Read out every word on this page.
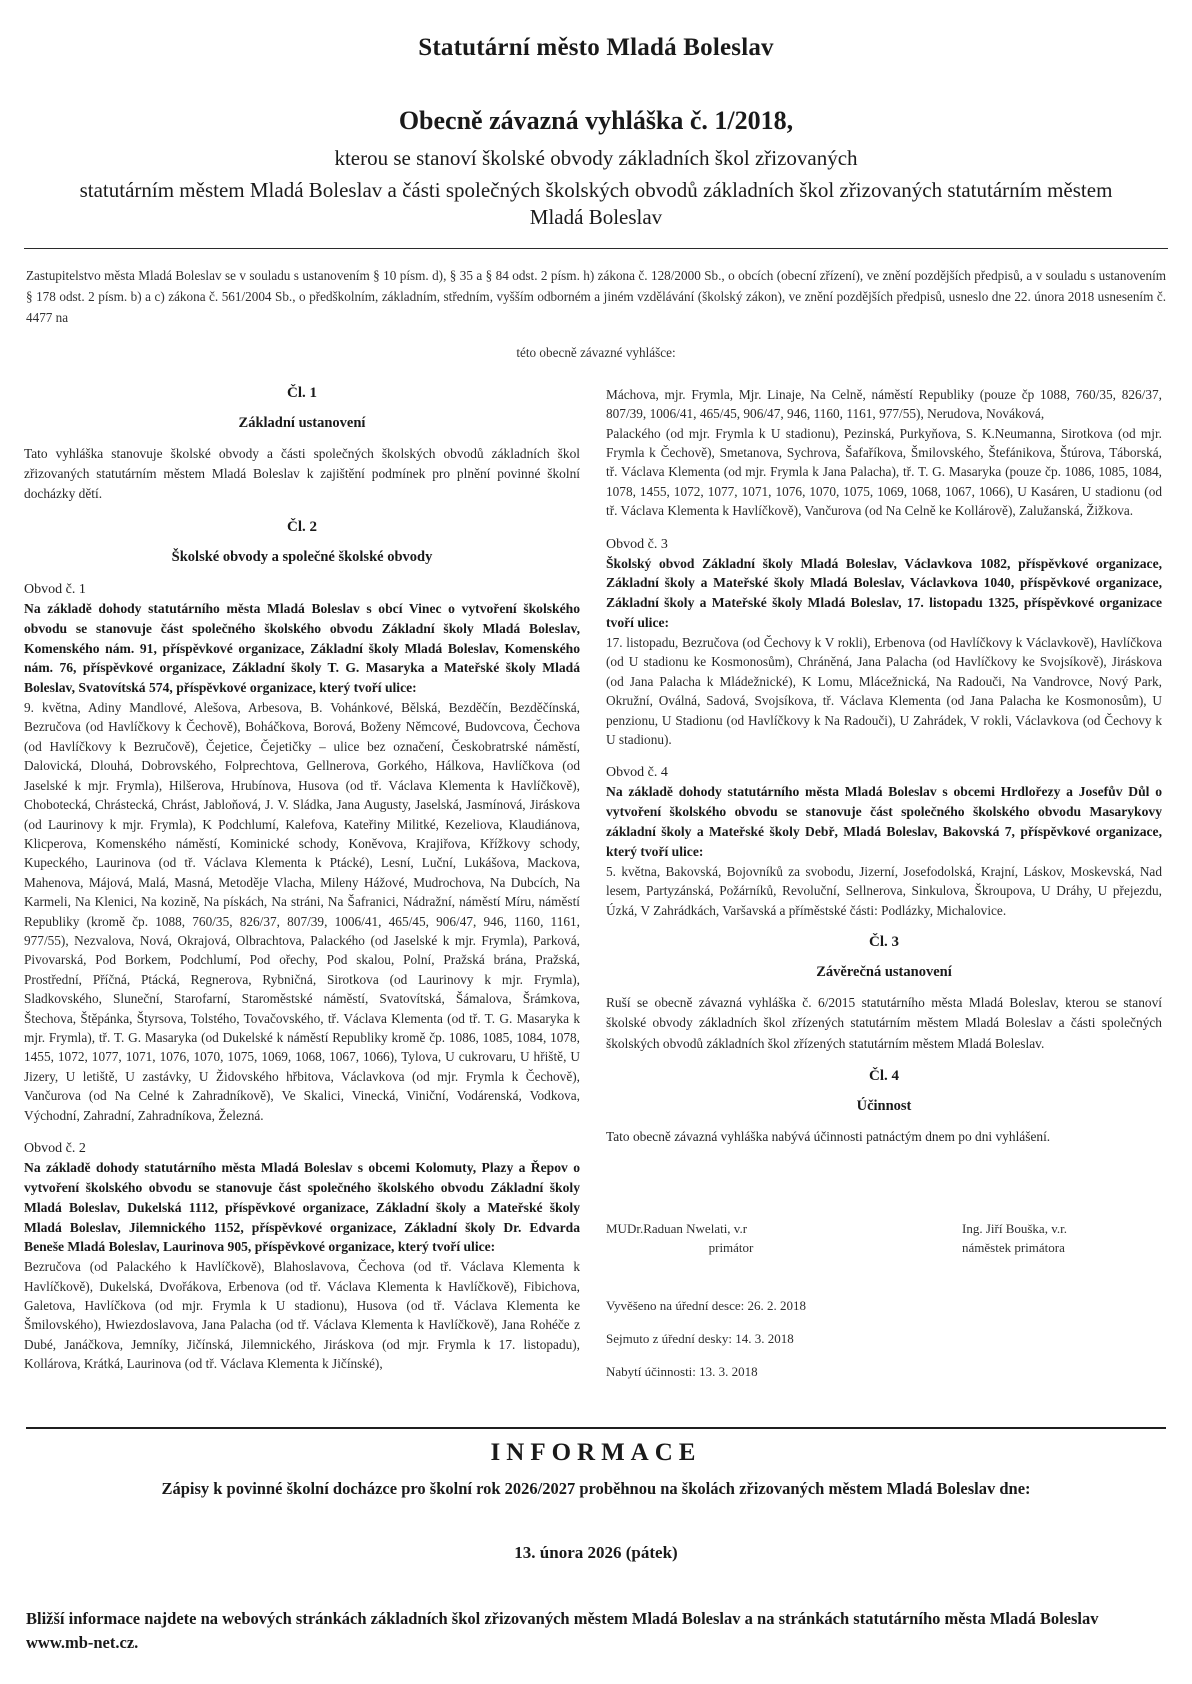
Statutární město Mladá Boleslav
Obecně závazná vyhláška č. 1/2018,
kterou se stanoví školské obvody základních škol zřizovaných
statutárním městem Mladá Boleslav a části společných školských obvodů základních škol zřizovaných statutárním městem Mladá Boleslav
Zastupitelstvo města Mladá Boleslav se v souladu s ustanovením § 10 písm. d), § 35 a § 84 odst. 2 písm. h) zákona č. 128/2000 Sb., o obcích (obecní zřízení), ve znění pozdějších předpisů, a v souladu s ustanovením § 178 odst. 2 písm. b) a c) zákona č. 561/2004 Sb., o předškolním, základním, středním, vyšším odborném a jiném vzdělávání (školský zákon), ve znění pozdějších předpisů, usneslo dne 22. února 2018 usnesením č. 4477 na
této obecně závazné vyhlášce:
Čl. 1
Základní ustanovení

Tato vyhláška stanovuje školské obvody a části společných školských obvodů základních škol zřizovaných statutárním městem Mladá Boleslav k zajištění podmínek pro plnění povinné školní docházky dětí.

Čl. 2
Školské obvody a společné školské obvody
Obvod č. 1

Na základě dohody statutárního města Mladá Boleslav s obcí Vinec o vytvoření školského obvodu se stanovuje část společného školského obvodu Základní školy Mladá Boleslav, Komenského nám. 91, příspěvkové organizace, Základní školy Mladá Boleslav, Komenského nám. 76, příspěvkové organizace, Základní školy T. G. Masaryka a Mateřské školy Mladá Boleslav, Svatovítská 574, příspěvkové organizace, který tvoří ulice:

9. května, Adiny Mandlové, Alešova, Arbesova, B. Vohánkové, Bělská, Bezděčín, Bezděčínská, Bezručova (od Havlíčkovy k Čechově), Boháčkova, Borová, Boženy Němcové, Budovcova, Čechova (od Havlíčkovy k Bezručově), Čejetice, Čejetičky – ulice bez označení, Českobratrské náměstí, Dalovická, Dlouhá, Dobrovského, Folprechtova, Gellnerova, Gorkého, Hálkova, Havlíčkova (od Jaselské k mjr. Frymla), Hilšerova, Hrubínova, Husova (od tř. Václava Klementa k Havlíčkově), Chobotecká, Chrástecká, Chrást, Jabloňová, J. V. Sládka, Jana Augusty, Jaselská, Jasmínová, Jiráskova (od Laurinovy k mjr. Frymla), K Podchlumí, Kalefova, Kateřiny Militké, Kezeliova, Klaudiánova, Klicperova, Komenského náměstí, Kominické schody, Koněvova, Krajiřova, Křížkovy schody, Kupeckého, Laurinova (od tř. Václava Klementa k Ptácké), Lesní, Luční, Lukášova, Mackova, Mahenova, Májová, Malá, Masná, Metoděje Vlacha, Mileny Hážové, Mudrochova, Na Dubcích, Na Karmeli, Na Klenici, Na kozině, Na pískách, Na stráni, Na Šafranici, Nádražní, náměstí Míru, náměstí Republiky (kromě čp. 1088, 760/35, 826/37, 807/39, 1006/41, 465/45, 906/47, 946, 1160, 1161, 977/55), Nezvalova, Nová, Okrajová, Olbrachtova, Palackého (od Jaselské k mjr. Frymla), Parková, Pivovarská, Pod Borkem, Podchlumí, Pod ořechy, Pod skalou, Polní, Pražská brána, Pražská, Prostřední, Příčná, Ptácká, Regnerova, Rybničná, Sirotkova (od Laurinovy k mjr. Frymla), Sladkovského, Sluneční, Starofarní, Staroměstské náměstí, Svatovítská, Šámalova, Šrámkova, Štechova, Štěpánka, Štyrsova, Tolstého, Tovačovského, tř. Václava Klementa (od tř. T. G. Masaryka k mjr. Frymla), tř. T. G. Masaryka (od Dukelské k náměstí Republiky kromě čp. 1086, 1085, 1084, 1078, 1455, 1072, 1077, 1071, 1076, 1070, 1075, 1069, 1068, 1067, 1066), Tylova, U cukrovaru, U hřiště, U Jizery, U letiště, U zastávky, U Židovského hřbitova, Václavkova (od mjr. Frymla k Čechově), Vančurova (od Na Celné k Zahradníkově), Ve Skalici, Vinecká, Viniční, Vodárenská, Vodkova, Východní, Zahradní, Zahradníkova, Železná.

Obvod č. 2

Na základě dohody statutárního města Mladá Boleslav s obcemi Kolomuty, Plazy a Řepov o vytvoření školského obvodu se stanovuje část společného školského obvodu Základní školy Mladá Boleslav, Dukelská 1112, příspěvkové organizace, Základní školy a Mateřské školy Mladá Boleslav, Jilemnického 1152, příspěvkové organizace, Základní školy Dr. Edvarda Beneše Mladá Boleslav, Laurinova 905, příspěvkové organizace, který tvoří ulice:

Bezručova (od Palackého k Havlíčkově), Blahoslavova, Čechova (od tř. Václava Klementa k Havlíčkově), Dukelská, Dvořákova, Erbenova (od tř. Václava Klementa k Havlíčkově), Fibichova, Galetova, Havlíčkova (od mjr. Frymla k U stadionu), Husova (od tř. Václava Klementa ke Šmilovského), Hwiezdoslavova, Jana Palacha (od tř. Václava Klementa k Havlíčkově), Jana Rohéče z Dubé, Janáčkova, Jemníky, Jičínská, Jilemnického, Jiráskova (od mjr. Frymla k 17. listopadu), Kollárova, Krátká, Laurinova (od tř. Václava Klementa k Jičínské),

Máchova, mjr. Frymla, Mjr. Linaje, Na Celně, náměstí Republiky (pouze čp 1088, 760/35, 826/37, 807/39, 1006/41, 465/45, 906/47, 946, 1160, 1161, 977/55), Nerudova, Nováková,

Palackého (od mjr. Frymla k U stadionu), Pezinská, Purkyňova, S. K.Neumanna, Sirotkova (od mjr. Frymla k Čechově), Smetanova, Sychrova, Šafaříkova, Šmilovského, Štefánikova, Štúrova, Táborská, tř. Václava Klementa (od mjr. Frymla k Jana Palacha), tř. T. G. Masaryka (pouze čp. 1086, 1085, 1084, 1078, 1455, 1072, 1077, 1071, 1076, 1070, 1075, 1069, 1068, 1067, 1066), U Kasáren, U stadionu (od tř. Václava Klementa k Havlíčkově), Vančurova (od Na Celně ke Kollárově), Zalužanská, Žižkova.

Obvod č. 3

Školský obvod Základní školy Mladá Boleslav, Václavkova 1082, příspěvkové organizace, Základní školy a Mateřské školy Mladá Boleslav, Václavkova 1040, příspěvkové organizace, Základní školy a Mateřské školy Mladá Boleslav, 17. listopadu 1325, příspěvkové organizace tvoří ulice:

17. listopadu, Bezručova (od Čechovy k V rokli), Erbenova (od Havlíčkovy k Václavkově), Havlíčkova (od U stadionu ke Kosmonosům), Chráněná, Jana Palacha (od Havlíčkovy ke Svojsíkově), Jiráskova (od Jana Palacha k Mládežnické), K Lomu, Mlácežnická, Na Radouči, Na Vandrovce, Nový Park, Okružní, Oválná, Sadová, Svojsíkova, tř. Václava Klementa (od Jana Palacha ke Kosmonosům), U penzionu, U Stadionu (od Havlíčkovy k Na Radouči), U Zahrádek, V rokli, Václavkova (od Čechovy k U stadionu).

Obvod č. 4

Na základě dohody statutárního města Mladá Boleslav s obcemi Hrdlořezy a Josefův Důl o vytvoření školského obvodu se stanovuje část společného školského obvodu Masarykovy základní školy a Mateřské školy Debř, Mladá Boleslav, Bakovská 7, příspěvkové organizace, který tvoří ulice:

5. května, Bakovská, Bojovníků za svobodu, Jizerní, Josefodolská, Krajní, Láskov, Moskevská, Nad lesem, Partyzánská, Požárníků, Revoluční, Sellnerova, Sinkulova, Škroupova, U Dráhy, U přejezdu, Úzká, V Zahrádkách, Varšavská a příměstské části: Podlázky, Michalovice.

Čl. 3
Závěrečná ustanovení

Ruší se obecně závazná vyhláška č. 6/2015 statutárního města Mladá Boleslav, kterou se stanoví školské obvody základních škol zřízených statutárním městem Mladá Boleslav a části společných školských obvodů základních škol zřízených statutárním městem Mladá Boleslav.

Čl. 4
Účinnost

Tato obecně závazná vyhláška nabývá účinnosti patnáctým dnem po dni vyhlášení.

MUDr.Raduan Nwelati, v.r

primátor

Ing. Jiří Bouška, v.r.

náměstek primátora

Vyvěšeno na úřední desce: 26. 2. 2018

Sejmuto z úřední desky: 14. 3. 2018

Nabytí účinnosti: 13. 3. 2018

INFORMACE
Zápisy k povinné školní docházce pro školní rok 2026/2027 proběhnou na školách zřizovaných městem Mladá Boleslav dne:
13. února 2026 (pátek)
Bližší informace najdete na webových stránkách základních škol zřizovaných městem Mladá Boleslav a na stránkách statutárního města Mladá Boleslav www.mb-net.cz.
